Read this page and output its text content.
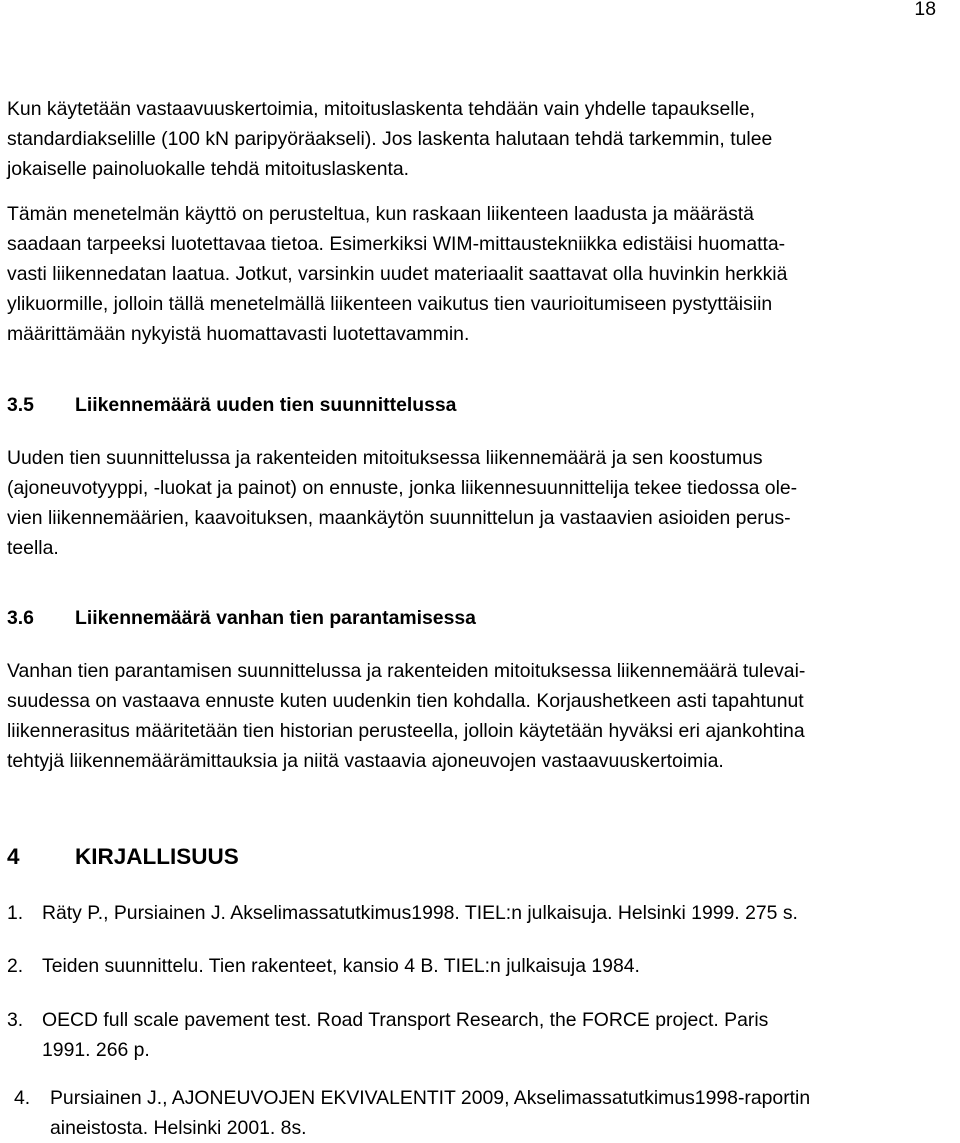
18

Kun käytetään vastaavuuskertoimia, mitoituslaskenta tehdään vain yhdelle tapaukselle,
standardiakselille (100 kN paripyöräakseli). Jos laskenta halutaan tehdä tarkemmin, tulee
jokaiselle painoluokalle tehdä mitoituslaskenta.

Tämän menetelmän käyttö on perusteltua, kun raskaan liikenteen laadusta ja määrästä
saadaan tarpeeksi luotettavaa tietoa. Esimerkiksi WIM-mittaustekniikka edistäisi huomatta-
vasti liikennedatan laatua. Jotkut, varsinkin uudet materiaalit saattavat olla huvinkin herkkiä
ylikuormille, jolloin tällä menetelmällä liikenteen vaikutus tien vaurioitumiseen pystyttäisiin
määrittämään nykyistä huomattavasti luotettavammin.

3.5 Liikennemäärä uuden tien suunnittelussa

Uuden tien suunnittelussa ja rakenteiden mitoituksessa liikennemäärä ja sen koostumus
(ajoneuvotyyppi, -luokat ja painot) on ennuste, jonka liikennesuunnittelija tekee tiedossa ole-
vien liikennemäärien, kaavoituksen, maankäytön suunnittelun ja vastaavien asioiden perus-
teella.

3.6 Liikennemäärä vanhan tien parantamisessa

Vanhan tien parantamisen suunnittelussa ja rakenteiden mitoituksessa liikennemäärä tulevai-
suudessa on vastaava ennuste kuten uudenkin tien kohdalla. Korjaushetkeen asti tapahtunut
liikennerasitus määritetään tien historian perusteella, jolloin käytetään hyväksi eri ajankohtina
tehtyjä liikennemäärämittauksia ja niitä vastaavia ajoneuvojen vastaavuuskertoimia.

4 KIRJALLISUUS
1. Räty P., Pursiainen J. Akselimassatutkimus1998. TIEL:n julkaisuja. Helsinki 1999. 275 s.
2. Teiden suunnittelu. Tien rakenteet, kansio 4 B. TIEL:n julkaisuja 1984.
3. OECD full scale pavement test. Road Transport Research, the FORCE project. Paris
1991. 266 p.
4. Pursiainen J., AJONEUVOJEN EKVIVALENTIT 2009, Akselimassatutkimus1998-raportin
aineistosta. Helsinki 2001. 8s.
